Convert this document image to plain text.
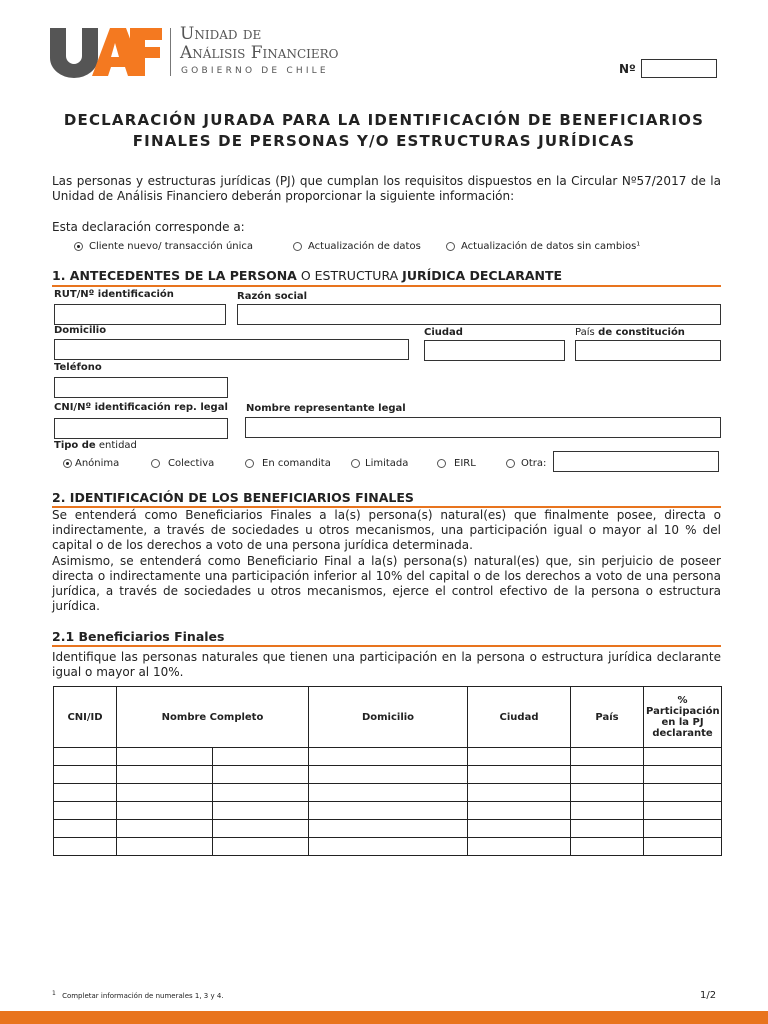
Unidad de
Análisis Financiero
GOBIERNO DE CHILE	Nº
DECLARACIÓN JURADA PARA LA IDENTIFICACIÓN DE BENEFICIARIOS
FINALES DE PERSONAS Y/O ESTRUCTURAS JURÍDICAS
Las personas y estructuras jurídicas (PJ) que cumplan los requisitos dispuestos en la Circular Nº57/2017 de la Unidad de Análisis Financiero deberán proporcionar la siguiente información:
Esta declaración corresponde a:
Cliente nuevo/ transacción única	Actualización de datos	Actualización de datos sin cambios¹
1. ANTECEDENTES DE LA PERSONA O ESTRUCTURA JURÍDICA DECLARANTE
RUT/Nº identificación	Razón social
Domicilio	Ciudad	País de constitución
Teléfono
CNI/Nº identificación rep. legal Nombre representante legal
Tipo de entidad
Anónima	Colectiva	En comandita	Limitada	EIRL	Otra:
2. IDENTIFICACIÓN DE LOS BENEFICIARIOS FINALES
Se entenderá como Beneficiarios Finales a la(s) persona(s) natural(es) que finalmente posee, directa o indirectamente, a través de sociedades u otros mecanismos, una participación igual o mayor al 10 % del capital o de los derechos a voto de una persona jurídica determinada.
Asimismo, se entenderá como Beneficiario Final a la(s) persona(s) natural(es) que, sin perjuicio de poseer directa o indirectamente una participación inferior al 10% del capital o de los derechos a voto de una persona jurídica, a través de sociedades u otros mecanismos, ejerce el control efectivo de la persona o estructura jurídica.
2.1 Beneficiarios Finales
Identifique las personas naturales que tienen una participación en la persona o estructura jurídica declarante igual o mayor al 10%.
CNI/ID	Nombre Completo		Domicilio	Ciudad	País	% Participación en la PJ declarante

$^1$ Completar información de numerales 1, 3 y 4.	1/2
